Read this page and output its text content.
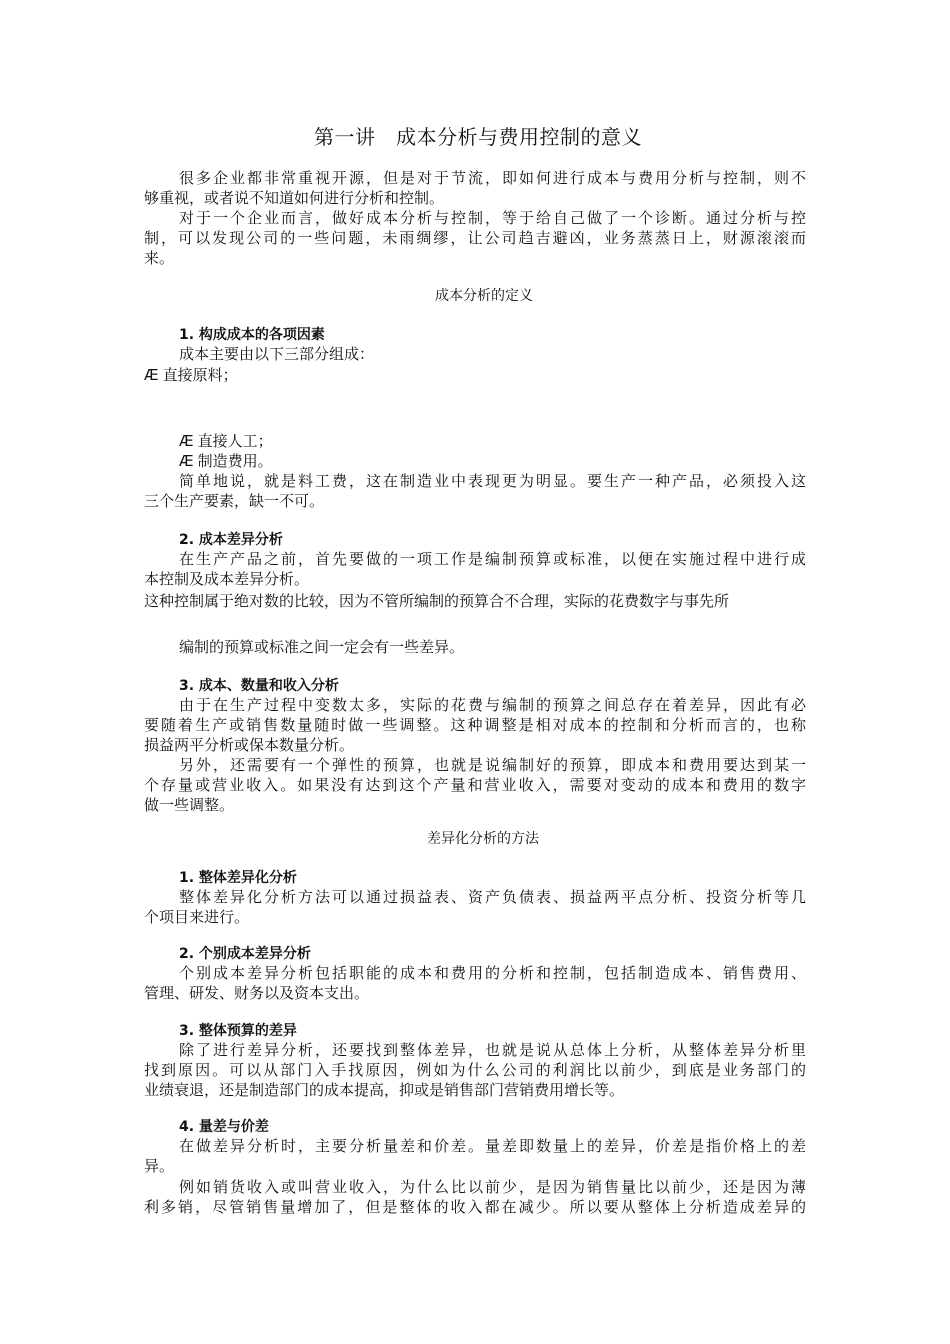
第一讲　成本分析与费用控制的意义
很多企业都非常重视开源，但是对于节流，即如何进行成本与费用分析与控制，则不
够重视，或者说不知道如何进行分析和控制。
对于一个企业而言，做好成本分析与控制，等于给自己做了一个诊断。通过分析与控
制，可以发现公司的一些问题，未雨绸缪，让公司趋吉避凶，业务蒸蒸日上，财源滚滚而
来。
成本分析的定义
1. 构成成本的各项因素
成本主要由以下三部分组成：
Æ 直接原料；
Æ 直接人工；
Æ 制造费用。
简单地说，就是料工费，这在制造业中表现更为明显。要生产一种产品，必须投入这
三个生产要素，缺一不可。
2. 成本差异分析
在生产产品之前，首先要做的一项工作是编制预算或标准，以便在实施过程中进行成
本控制及成本差异分析。
这种控制属于绝对数的比较，因为不管所编制的预算合不合理，实际的花费数字与事先所
编制的预算或标准之间一定会有一些差异。
3. 成本、数量和收入分析
由于在生产过程中变数太多，实际的花费与编制的预算之间总存在着差异，因此有必
要随着生产或销售数量随时做一些调整。这种调整是相对成本的控制和分析而言的，也称
损益两平分析或保本数量分析。
另外，还需要有一个弹性的预算，也就是说编制好的预算，即成本和费用要达到某一
个存量或营业收入。如果没有达到这个产量和营业收入，需要对变动的成本和费用的数字
做一些调整。
差异化分析的方法
1. 整体差异化分析
整体差异化分析方法可以通过损益表、资产负债表、损益两平点分析、投资分析等几
个项目来进行。
2. 个别成本差异分析
个别成本差异分析包括职能的成本和费用的分析和控制，包括制造成本、销售费用、
管理、研发、财务以及资本支出。
3. 整体预算的差异
除了进行差异分析，还要找到整体差异，也就是说从总体上分析，从整体差异分析里
找到原因。可以从部门入手找原因，例如为什么公司的利润比以前少，到底是业务部门的
业绩衰退，还是制造部门的成本提高，抑或是销售部门营销费用增长等。
4. 量差与价差
在做差异分析时，主要分析量差和价差。量差即数量上的差异，价差是指价格上的差
异。
例如销货收入或叫营业收入，为什么比以前少，是因为销售量比以前少，还是因为薄
利多销，尽管销售量增加了，但是整体的收入都在减少。所以要从整体上分析造成差异的
